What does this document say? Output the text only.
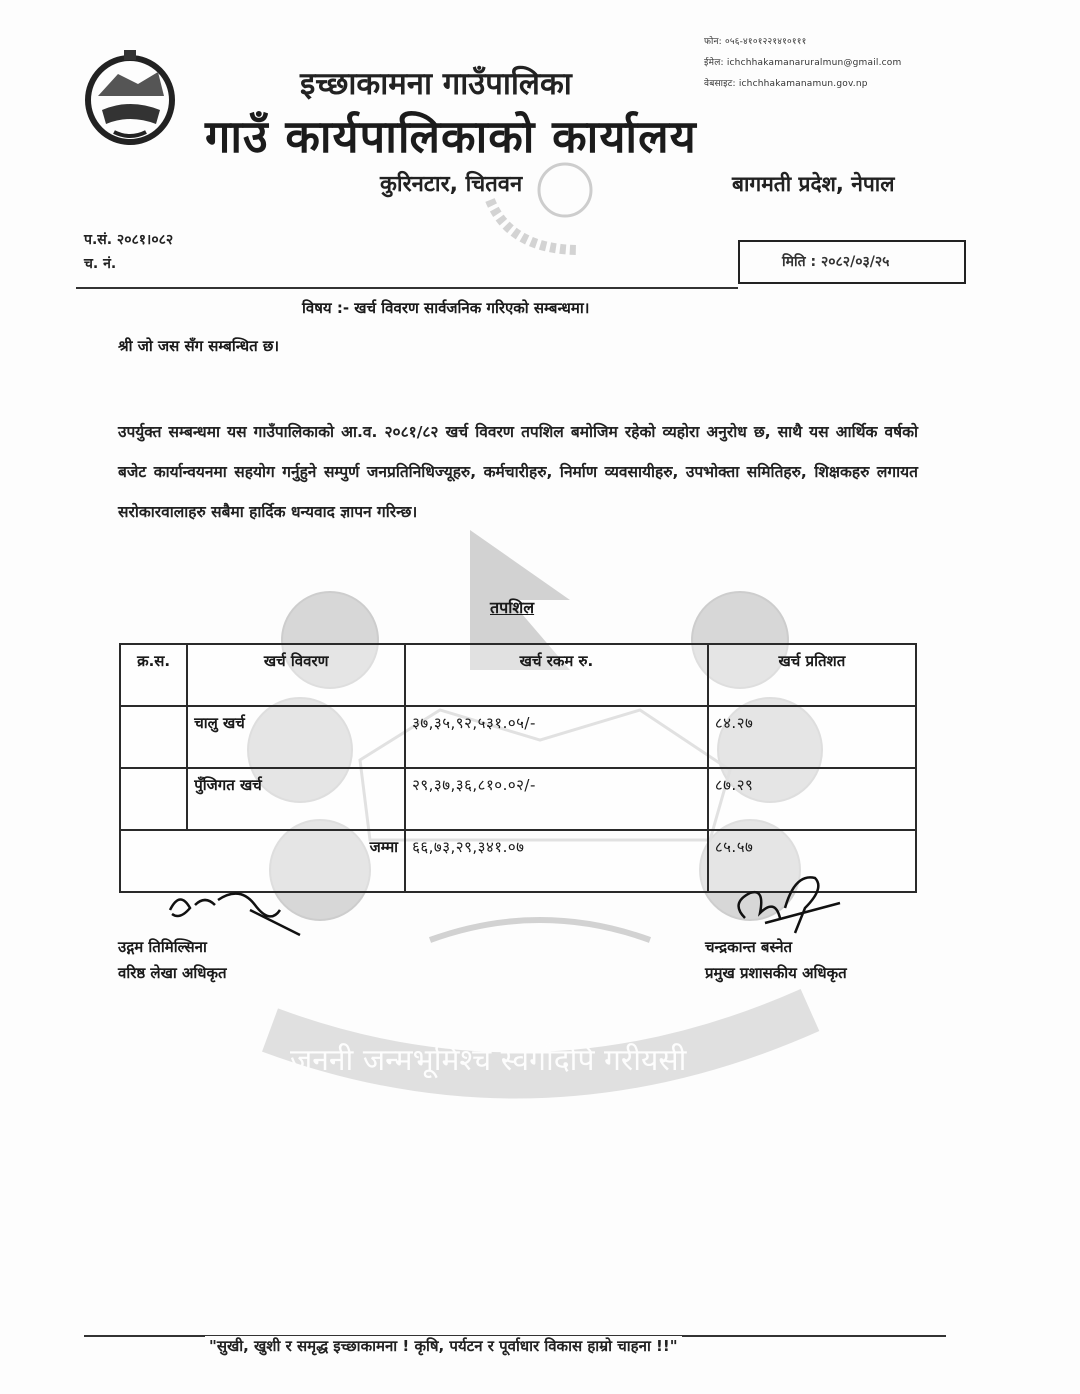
जननी जन्मभूमिश्च स्वर्गादपि गरीयसी
फोन: ०५६-४१०१२२१४१०१११
ईमेल: ichchhakamanaruralmun@gmail.com
वेबसाइट: ichchhakamanamun.gov.np
इच्छाकामना गाउँपालिका
गाउँ कार्यपालिकाको कार्यालय
कुरिनटार, चितवन	बागमती प्रदेश, नेपाल
प.सं. २०८१।०८२
च. नं.	मिति : २०८२/०३/२५
विषय :- खर्च विवरण सार्वजनिक गरिएको सम्बन्धमा।
श्री जो जस सँग सम्बन्धित छ।
उपर्युक्त सम्बन्धमा यस गाउँपालिकाको आ.व. २०८१/८२ खर्च विवरण तपशिल बमोजिम रहेको व्यहोरा अनुरोध छ, साथै यस आर्थिक वर्षको बजेट कार्यान्वयनमा सहयोग गर्नुहुने सम्पुर्ण जनप्रतिनिधिज्यूहरु, कर्मचारीहरु, निर्माण व्यवसायीहरु, उपभोक्ता समितिहरु, शिक्षकहरु लगायत सरोकारवालाहरु सबैमा हार्दिक धन्यवाद ज्ञापन गरिन्छ।
तपशिल
क्र.स.	खर्च विवरण	खर्च रकम रु.	खर्च प्रतिशत
	चालु खर्च	३७,३५,९२,५३१.०५/-	८४.२७
	पुँजिगत खर्च	२९,३७,३६,८१०.०२/-	८७.२९
जम्मा		६६,७३,२९,३४१.०७	८५.५७
उद्गम तिमिल्सिना
वरिष्ठ लेखा अधिकृत
चन्द्रकान्त बस्नेत
प्रमुख प्रशासकीय अधिकृत
"सुखी, खुशी र समृद्ध इच्छाकामना ! कृषि, पर्यटन र पूर्वाधार विकास हाम्रो चाहना !!"
